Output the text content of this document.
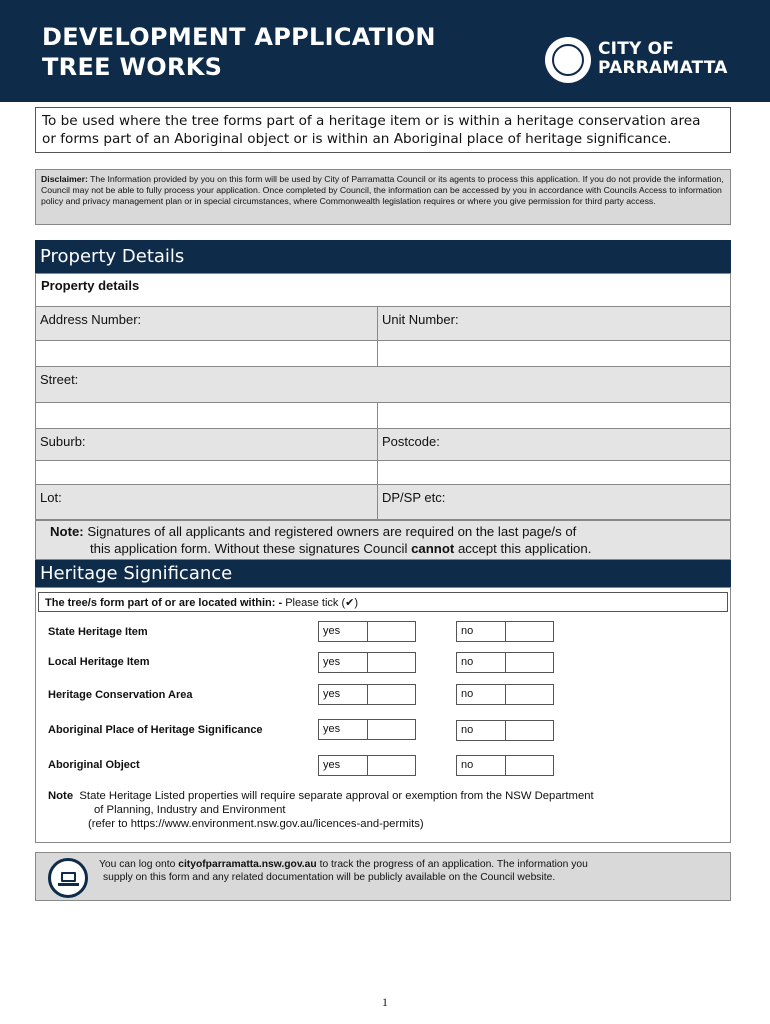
DEVELOPMENT APPLICATION
TREE WORKS
CITY OF
PARRAMATTA
To be used where the tree forms part of a heritage item or is within a heritage conservation area
or forms part of an Aboriginal object or is within an Aboriginal place of heritage significance.
Disclaimer: The Information provided by you on this form will be used by City of Parramatta Council or its agents to process this application. If you do not provide the information, Council may not be able to fully process your application. Once completed by Council, the information can be accessed by you in accordance with Councils Access to information policy and privacy management plan or in special circumstances, where Commonwealth legislation requires or where you give permission for third party access.
Property Details
Property details
Address Number:	Unit Number:
Street:
Suburb:	Postcode:
Lot:	DP/SP etc:
Note: Signatures of all applicants and registered owners are required on the last page/s of
this application form. Without these signatures Council cannot accept this application.
Heritage Significance
The tree/s form part of or are located within: - Please tick (✔)
State Heritage Item	yes	no
Local Heritage Item	yes	no
Heritage Conservation Area	yes	no
Aboriginal Place of Heritage Significance	yes	no
Aboriginal Object	yes	no
Note State Heritage Listed properties will require separate approval or exemption from the NSW Department
of Planning, Industry and Environment
(refer to https://www.environment.nsw.gov.au/licences-and-permits)
You can log onto cityofparramatta.nsw.gov.au to track the progress of an application. The information you
supply on this form and any related documentation will be publicly available on the Council website.
1
